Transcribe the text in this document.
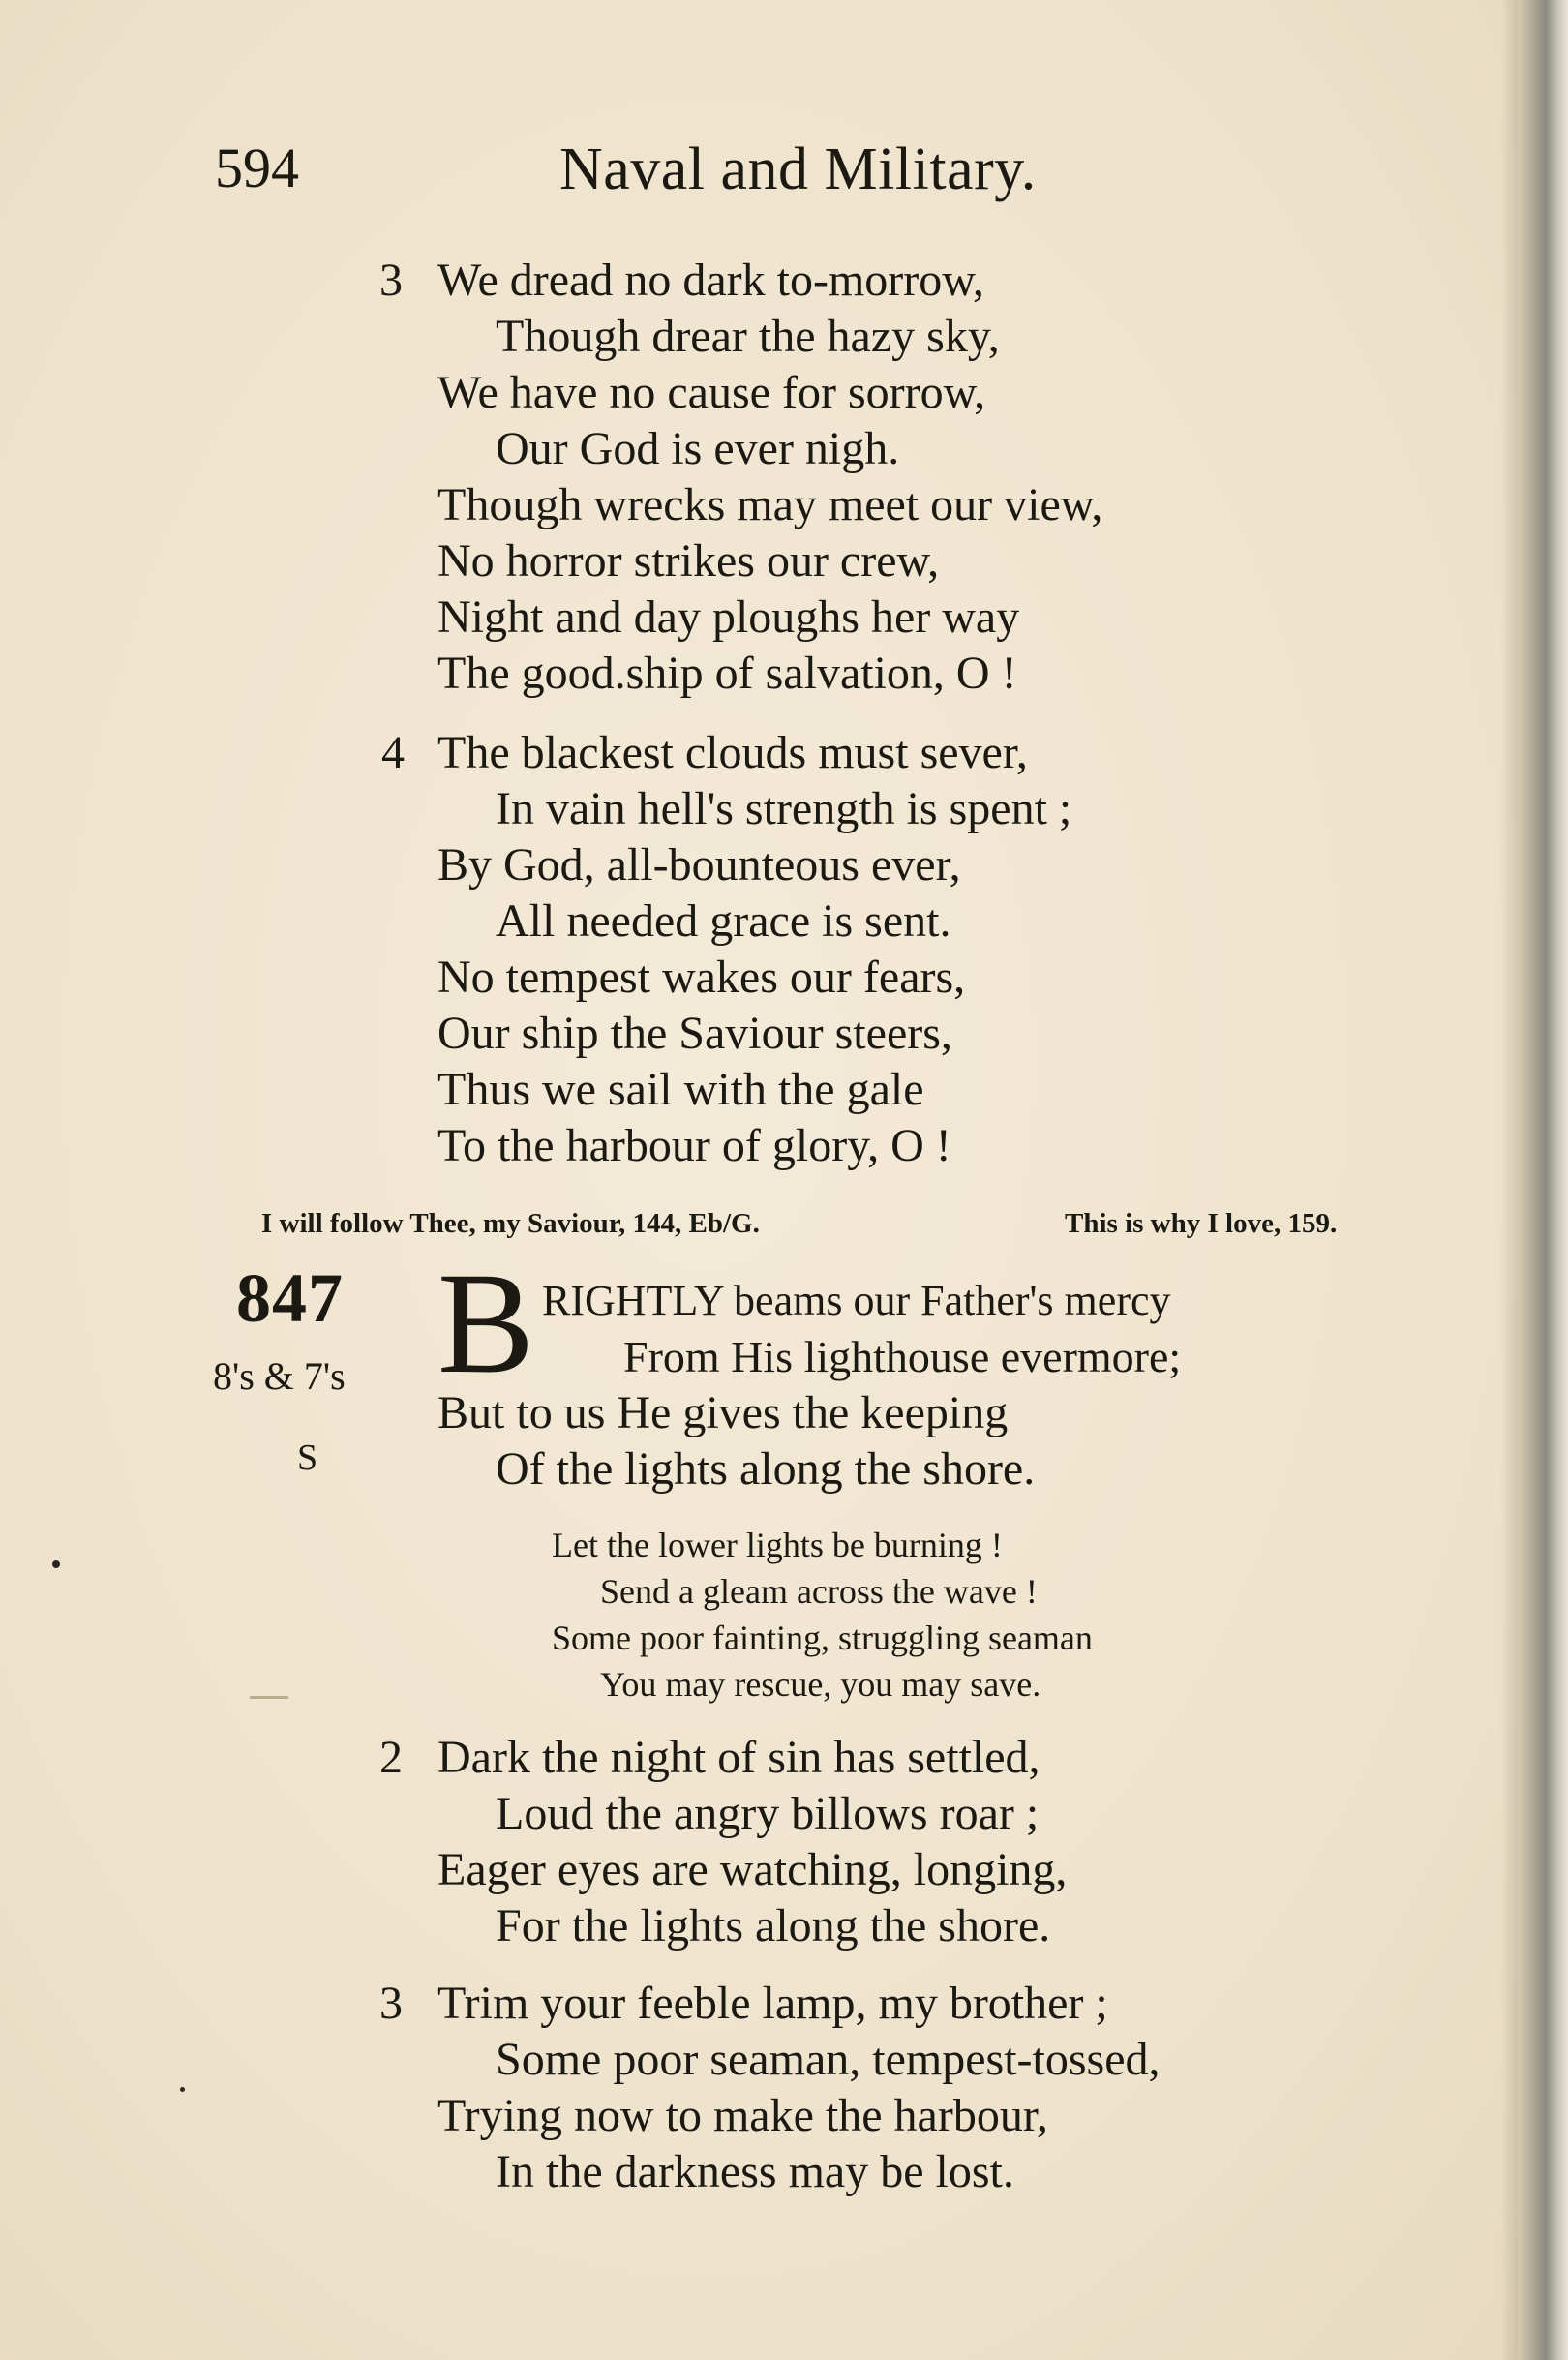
594	Naval and Military.
3 We dread no dark to-morrow,
Though drear the hazy sky,
We have no cause for sorrow,
Our God is ever nigh.
Though wrecks may meet our view,
No horror strikes our crew,
Night and day ploughs her way
The good.ship of salvation, O !
4 The blackest clouds must sever,
In vain hell's strength is spent ;
By God, all-bounteous ever,
All needed grace is sent.
No tempest wakes our fears,
Our ship the Saviour steers,
Thus we sail with the gale
To the harbour of glory, O !
I will follow Thee, my Saviour, 144, Eb/G.	This is why I love, 159.
847
8's & 7's
S
B RIGHTLY beams our Father's mercy
From His lighthouse evermore;
But to us He gives the keeping
Of the lights along the shore.
Let the lower lights be burning !
Send a gleam across the wave !
Some poor fainting, struggling seaman
You may rescue, you may save.
2 Dark the night of sin has settled,
Loud the angry billows roar ;
Eager eyes are watching, longing,
For the lights along the shore.
3 Trim your feeble lamp, my brother ;
Some poor seaman, tempest-tossed,
Trying now to make the harbour,
In the darkness may be lost.
